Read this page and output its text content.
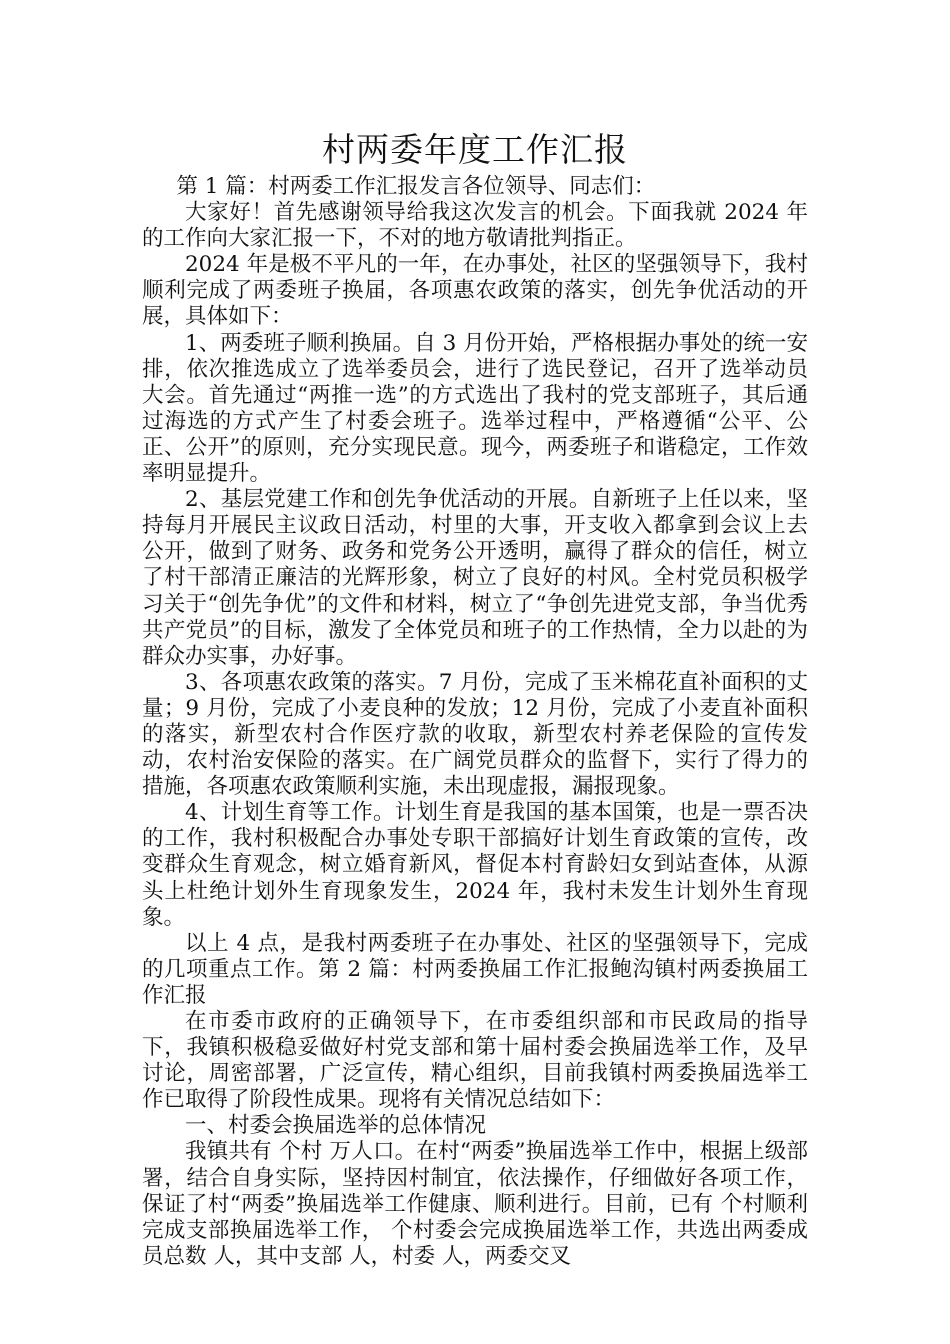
村两委年度工作汇报

第 1 篇：村两委工作汇报发言各位领导、同志们：

大家好！首先感谢领导给我这次发言的机会。下面我就 2024 年的工作向大家汇报一下，不对的地方敬请批判指正。

2024 年是极不平凡的一年，在办事处，社区的坚强领导下，我村顺利完成了两委班子换届，各项惠农政策的落实，创先争优活动的开展，具体如下：

1、两委班子顺利换届。自 3 月份开始，严格根据办事处的统一安排，依次推选成立了选举委员会，进行了选民登记，召开了选举动员大会。首先通过“两推一选”的方式选出了我村的党支部班子，其后通过海选的方式产生了村委会班子。选举过程中，严格遵循“公平、公正、公开”的原则，充分实现民意。现今，两委班子和谐稳定，工作效率明显提升。

2、基层党建工作和创先争优活动的开展。自新班子上任以来，坚持每月开展民主议政日活动，村里的大事，开支收入都拿到会议上去公开，做到了财务、政务和党务公开透明，赢得了群众的信任，树立了村干部清正廉洁的光辉形象，树立了良好的村风。全村党员积极学习关于“创先争优”的文件和材料，树立了“争创先进党支部，争当优秀共产党员”的目标，激发了全体党员和班子的工作热情，全力以赴的为群众办实事，办好事。

3、各项惠农政策的落实。7 月份，完成了玉米棉花直补面积的丈量；9 月份，完成了小麦良种的发放；12 月份，完成了小麦直补面积的落实，新型农村合作医疗款的收取，新型农村养老保险的宣传发动，农村治安保险的落实。在广阔党员群众的监督下，实行了得力的措施，各项惠农政策顺利实施，未出现虚报，漏报现象。

4、计划生育等工作。计划生育是我国的基本国策，也是一票否决的工作，我村积极配合办事处专职干部搞好计划生育政策的宣传，改变群众生育观念，树立婚育新风，督促本村育龄妇女到站查体，从源头上杜绝计划外生育现象发生，2024 年，我村未发生计划外生育现象。

以上 4 点，是我村两委班子在办事处、社区的坚强领导下，完成的几项重点工作。第 2 篇：村两委换届工作汇报鲍沟镇村两委换届工作汇报

在市委市政府的正确领导下，在市委组织部和市民政局的指导下，我镇积极稳妥做好村党支部和第十届村委会换届选举工作，及早讨论，周密部署，广泛宣传，精心组织，目前我镇村两委换届选举工作已取得了阶段性成果。现将有关情况总结如下：

一、村委会换届选举的总体情况

我镇共有 个村 万人口。在村“两委”换届选举工作中，根据上级部署，结合自身实际，坚持因村制宜，依法操作，仔细做好各项工作，保证了村“两委”换届选举工作健康、顺利进行。目前，已有 个村顺利完成支部换届选举工作， 个村委会完成换届选举工作，共选出两委成员总数 人，其中支部 人，村委 人，两委交叉
